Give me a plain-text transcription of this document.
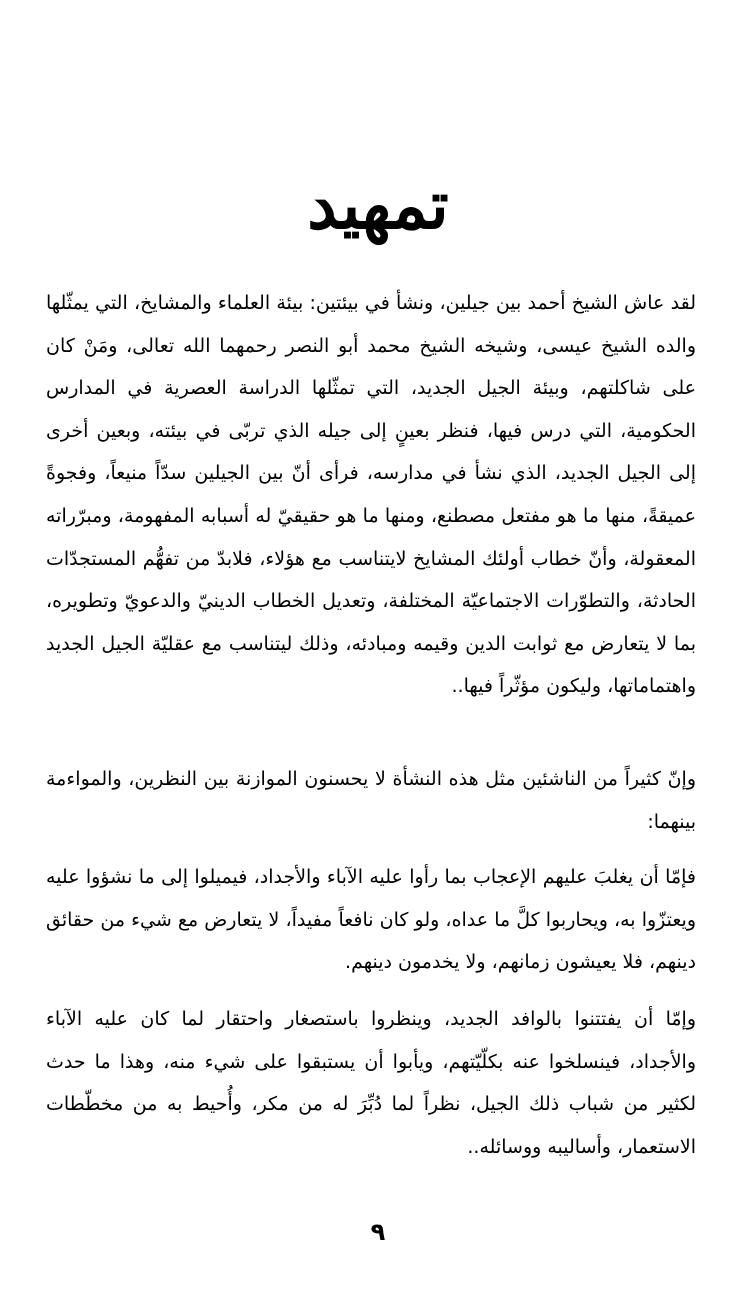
تمهيد

لقد عاش الشيخ أحمد بين جيلين، ونشأ في بيئتين: بيئة العلماء والمشايخ، التي يمثّلها والده الشيخ عيسى، وشيخه الشيخ محمد أبو النصر رحمهما الله تعالى، ومَنْ كان على شاكلتهم، وبيئة الجيل الجديد، التي تمثّلها الدراسة العصرية في المدارس الحكومية، التي درس فيها، فنظر بعينٍ إلى جيله الذي تربّى في بيئته، وبعين أخرى إلى الجيل الجديد، الذي نشأ في مدارسه، فرأى أنّ بين الجيلين سدّاً منيعاً، وفجوةً عميقةً، منها ما هو مفتعل مصطنع، ومنها ما هو حقيقيّ له أسبابه المفهومة، ومبرّراته المعقولة، وأنّ خطاب أولئك المشايخ لايتناسب مع هؤلاء، فلابدّ من تفهُّم المستجدّات الحادثة، والتطوّرات الاجتماعيّة المختلفة، وتعديل الخطاب الدينيّ والدعويّ وتطويره، بما لا يتعارض مع ثوابت الدين وقيمه ومبادئه، وذلك ليتناسب مع عقليّة الجيل الجديد واهتماماتها، وليكون مؤثّراً فيها..

وإنّ كثيراً من الناشئين مثل هذه النشأة لا يحسنون الموازنة بين النظرين، والمواءمة بينهما:

فإمّا أن يغلبَ عليهم الإعجاب بما رأوا عليه الآباء والأجداد، فيميلوا إلى ما نشؤوا عليه ويعتزّوا به، ويحاربوا كلَّ ما عداه، ولو كان نافعاً مفيداً، لا يتعارض مع شيء من حقائق دينهم، فلا يعيشون زمانهم، ولا يخدمون دينهم.

وإمّا أن يفتتنوا بالوافد الجديد، وينظروا باستصغار واحتقار لما كان عليه الآباء والأجداد، فينسلخوا عنه بكلّيّتهم، ويأبوا أن يستبقوا على شيء منه، وهذا ما حدث لكثير من شباب ذلك الجيل، نظراً لما دُبِّرَ له من مكر، وأُحيط به من مخطّطات الاستعمار، وأساليبه ووسائله..

٩
